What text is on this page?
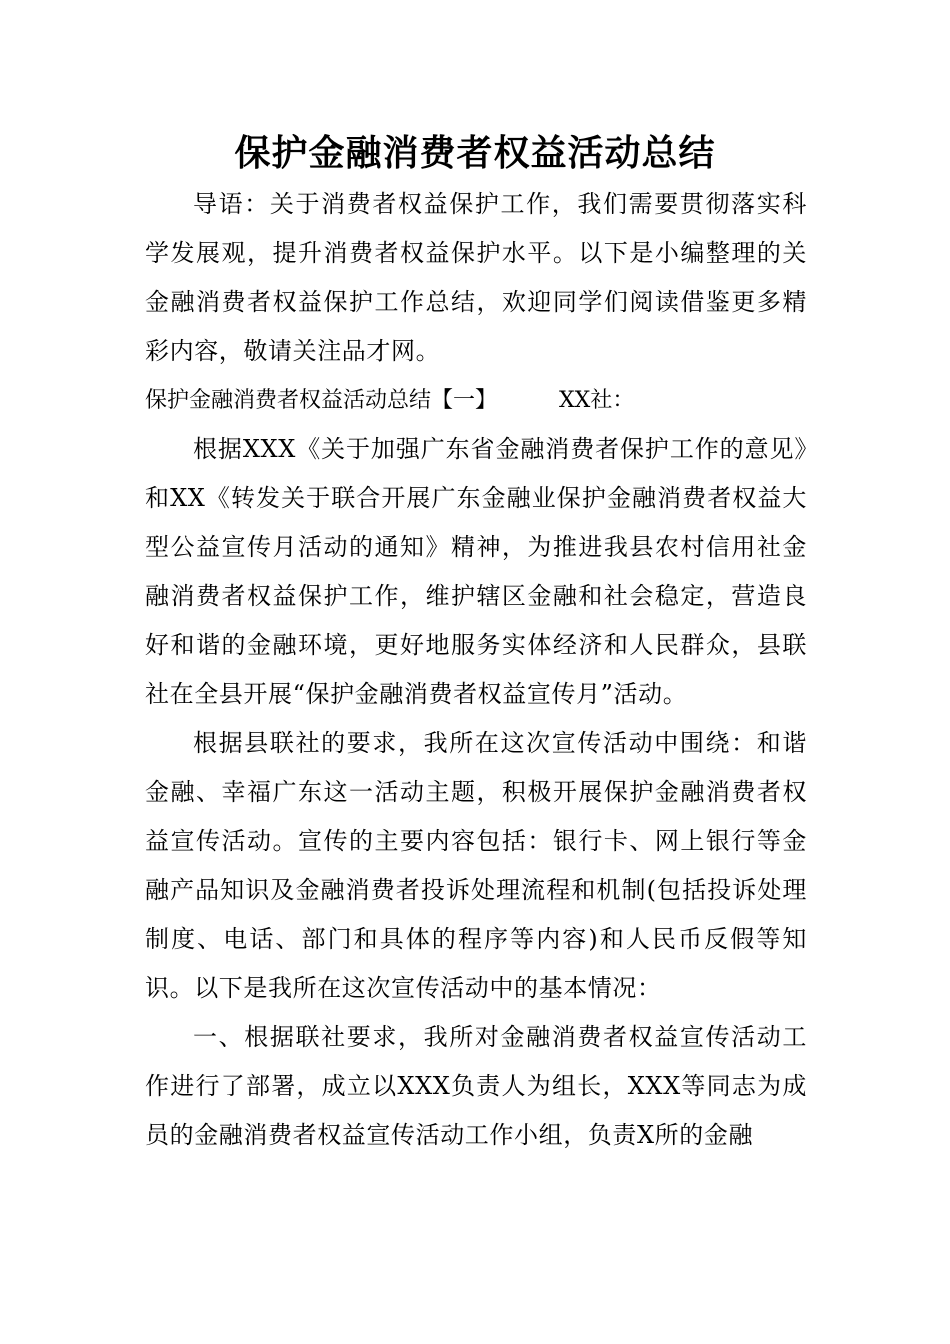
保护金融消费者权益活动总结

导语：关于消费者权益保护工作，我们需要贯彻落实科学发展观，提升消费者权益保护水平。以下是小编整理的关金融消费者权益保护工作总结，欢迎同学们阅读借鉴更多精彩内容，敬请关注品才网。

保护金融消费者权益活动总结【一】	XX社：

根据XXX《关于加强广东省金融消费者保护工作的意见》和XX《转发关于联合开展广东金融业保护金融消费者权益大型公益宣传月活动的通知》精神，为推进我县农村信用社金融消费者权益保护工作，维护辖区金融和社会稳定，营造良好和谐的金融环境，更好地服务实体经济和人民群众，县联社在全县开展“保护金融消费者权益宣传月”活动。

根据县联社的要求，我所在这次宣传活动中围绕：和谐金融、幸福广东这一活动主题，积极开展保护金融消费者权益宣传活动。宣传的主要内容包括：银行卡、网上银行等金融产品知识及金融消费者投诉处理流程和机制(包括投诉处理制度、电话、部门和具体的程序等内容)和人民币反假等知识。以下是我所在这次宣传活动中的基本情况：

一、根据联社要求，我所对金融消费者权益宣传活动工作进行了部署，成立以XXX负责人为组长，XXX等同志为成员的金融消费者权益宣传活动工作小组，负责X所的金融
